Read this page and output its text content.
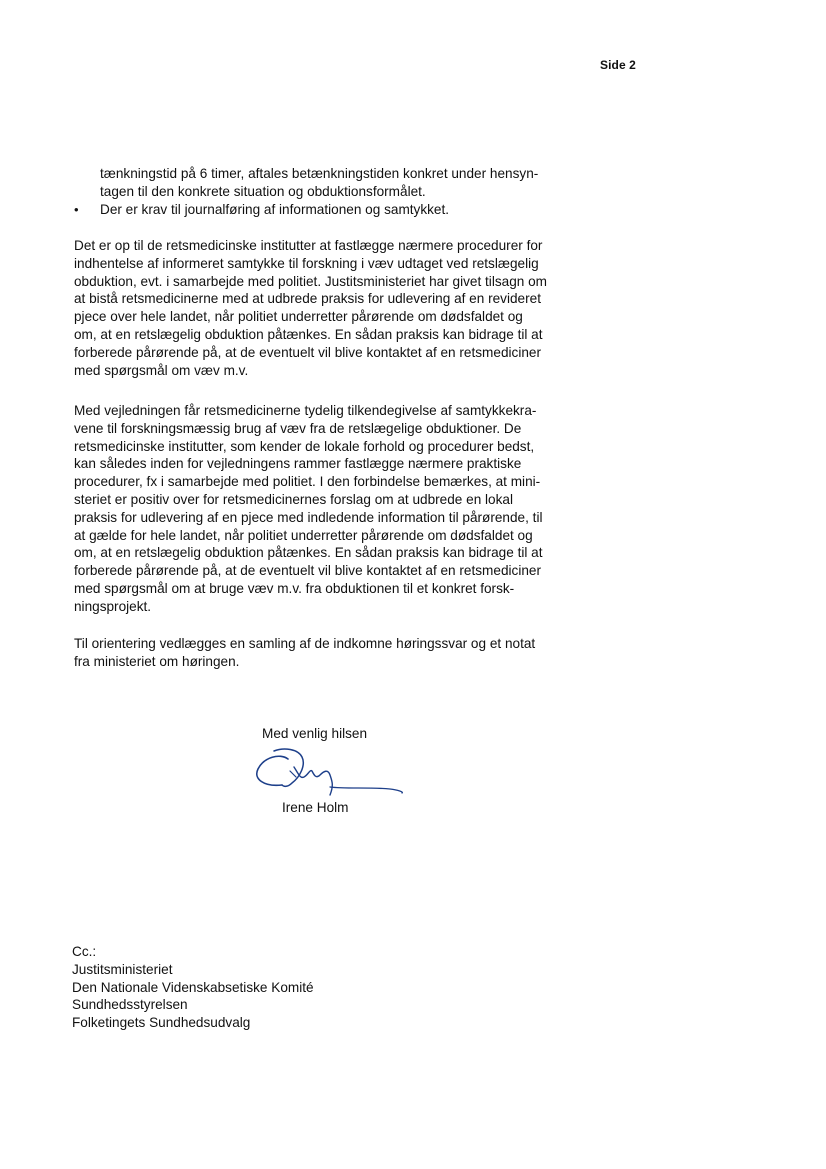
Side 2
tænkningstid på 6 timer, aftales betænkningstiden konkret under hensyn-
tagen til den konkrete situation og obduktionsformålet.
•	Der er krav til journalføring af informationen og samtykket.
Det er op til de retsmedicinske institutter at fastlægge nærmere procedurer for
indhentelse af informeret samtykke til forskning i væv udtaget ved retslægelig
obduktion, evt. i samarbejde med politiet. Justitsministeriet har givet tilsagn om
at bistå retsmedicinerne med at udbrede praksis for udlevering af en revideret
pjece over hele landet, når politiet underretter pårørende om dødsfaldet og
om, at en retslægelig obduktion påtænkes. En sådan praksis kan bidrage til at
forberede pårørende på, at de eventuelt vil blive kontaktet af en retsmediciner
med spørgsmål om væv m.v.
Med vejledningen får retsmedicinerne tydelig tilkendegivelse af samtykkekra-
vene til forskningsmæssig brug af væv fra de retslægelige obduktioner. De
retsmedicinske institutter, som kender de lokale forhold og procedurer bedst,
kan således inden for vejledningens rammer fastlægge nærmere praktiske
procedurer, fx i samarbejde med politiet. I den forbindelse bemærkes, at mini-
steriet er positiv over for retsmedicinernes forslag om at udbrede en lokal
praksis for udlevering af en pjece med indledende information til pårørende, til
at gælde for hele landet, når politiet underretter pårørende om dødsfaldet og
om, at en retslægelig obduktion påtænkes. En sådan praksis kan bidrage til at
forberede pårørende på, at de eventuelt vil blive kontaktet af en retsmediciner
med spørgsmål om at bruge væv m.v. fra obduktionen til et konkret forsk-
ningsprojekt.
Til orientering vedlægges en samling af de indkomne høringssvar og et notat
fra ministeriet om høringen.
Med venlig hilsen
Irene Holm
Cc.:
Justitsministeriet
Den Nationale Videnskabsetiske Komité
Sundhedsstyrelsen
Folketingets Sundhedsudvalg
